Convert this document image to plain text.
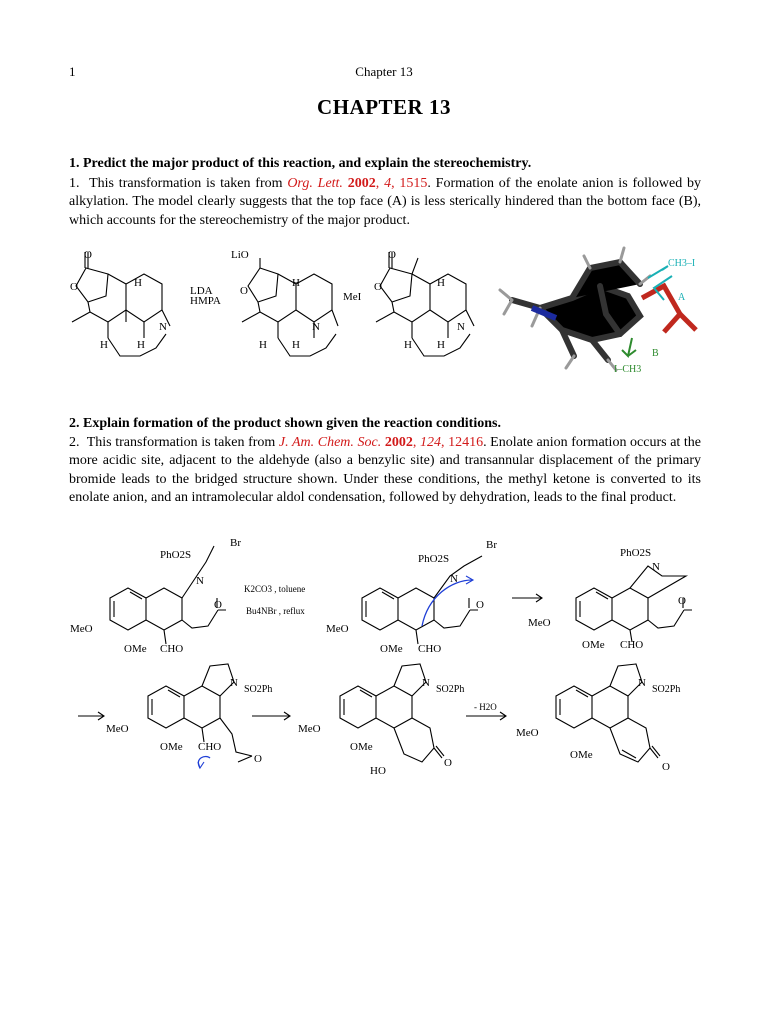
1	Chapter 13
CHAPTER 13
1. Predict the major product of this reaction, and explain the stereochemistry.
1. This transformation is taken from Org. Lett. 2002, 4, 1515. Formation of the enolate anion is followed by alkylation. The model clearly suggests that the top face (A) is less sterically hindered than the bottom face (B), which accounts for the stereochemistry of the major product.
O
O	H
N
H	H
LDA
HMPA
LiO
O
H
N
H H
MeI
O
O	H
N
H H
CH3–I
A
B
I–CH3
2. Explain formation of the product shown given the reaction conditions.
2. This transformation is taken from J. Am. Chem. Soc. 2002, 124, 12416. Enolate anion formation occurs at the more acidic site, adjacent to the aldehyde (also a benzylic site) and transannular displacement of the primary bromide leads to the bridged structure shown. Under these conditions, the methyl ketone is converted to its enolate anion, and an intramolecular aldol condensation, followed by dehydration, leads to the final product.
PhO2S
Br
N
MeO
OMe CHO
O
K2CO3 , toluene
Bu4NBr , reflux
PhO2S
Br
N
MeO
OMe CHO
O
PhO2S
N
MeO
OMe CHO
O
N
SO2Ph
MeO
OMe CHO
O
N
SO2Ph
MeO
OMe
HO
O
- H2O
N
SO2Ph
MeO
OMe
O
